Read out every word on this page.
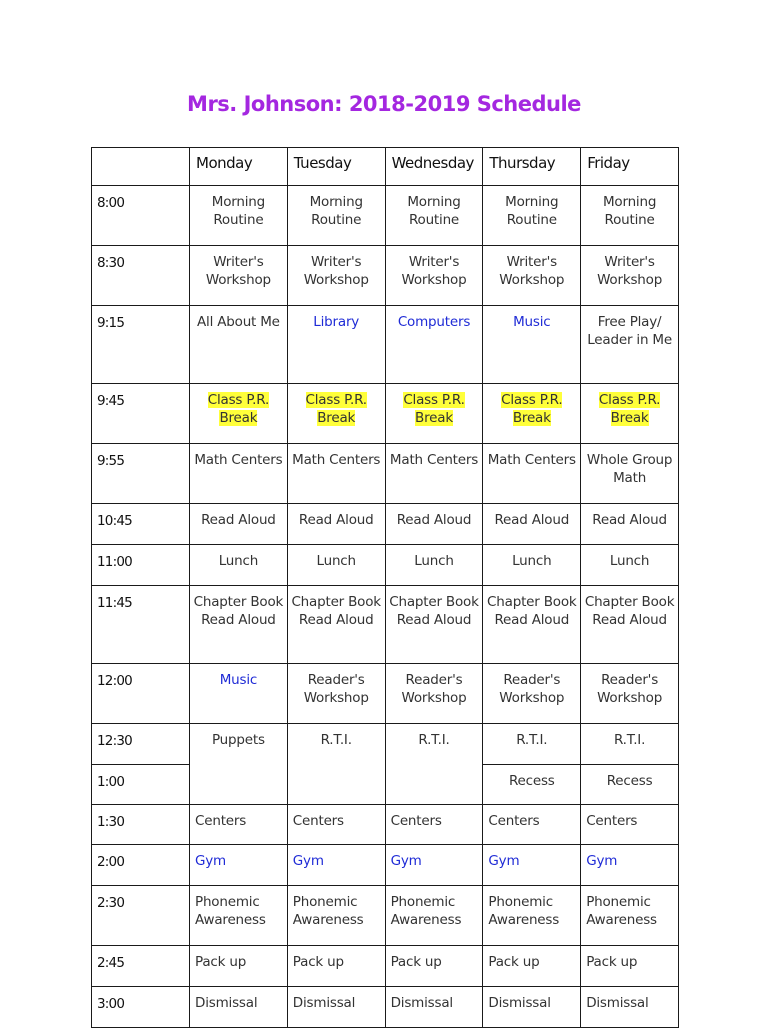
Mrs. Johnson: 2018-2019 Schedule
	Monday	Tuesday	Wednesday	Thursday	Friday
8:00	Morning Routine	Morning Routine	Morning Routine	Morning Routine	Morning Routine
8:30	Writer's Workshop	Writer's Workshop	Writer's Workshop	Writer's Workshop	Writer's Workshop
9:15	All About Me	Library	Computers	Music	Free Play/ Leader in Me
9:45	Class P.R. Break	Class P.R. Break	Class P.R. Break	Class P.R. Break	Class P.R. Break
9:55	Math Centers	Math Centers	Math Centers	Math Centers	Whole Group Math
10:45	Read Aloud	Read Aloud	Read Aloud	Read Aloud	Read Aloud
11:00	Lunch	Lunch	Lunch	Lunch	Lunch
11:45	Chapter Book Read Aloud	Chapter Book Read Aloud	Chapter Book Read Aloud	Chapter Book Read Aloud	Chapter Book Read Aloud
12:00	Music	Reader's Workshop	Reader's Workshop	Reader's Workshop	Reader's Workshop
12:30	Puppets	R.T.I.	R.T.I.	R.T.I.	R.T.I.
1:00				Recess	Recess
1:30	Centers	Centers	Centers	Centers	Centers
2:00	Gym	Gym	Gym	Gym	Gym
2:30	Phonemic Awareness	Phonemic Awareness	Phonemic Awareness	Phonemic Awareness	Phonemic Awareness
2:45	Pack up	Pack up	Pack up	Pack up	Pack up
3:00	Dismissal	Dismissal	Dismissal	Dismissal	Dismissal
